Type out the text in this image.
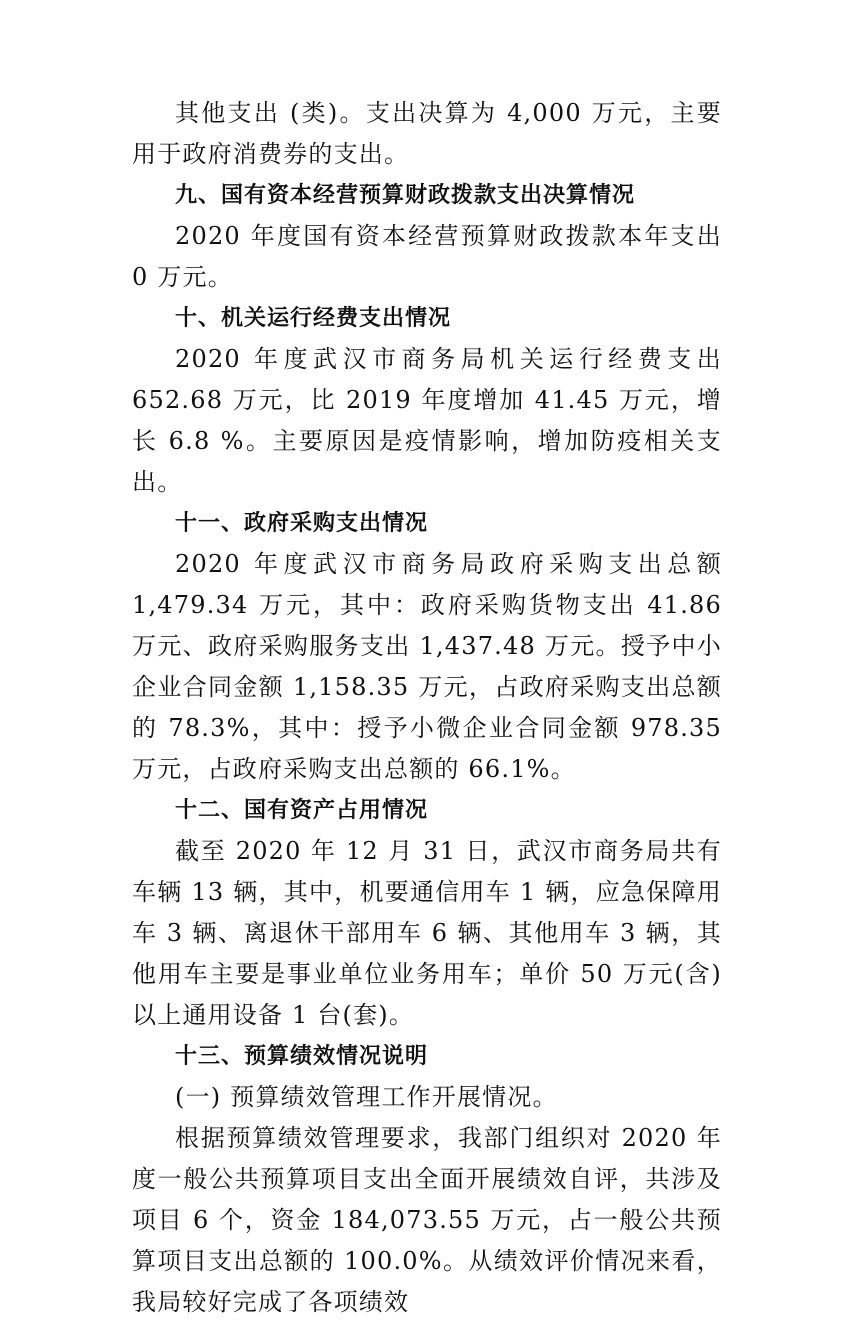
其他支出 (类)。支出决算为 4,000 万元，主要用于政府消费券的支出。

九、国有资本经营预算财政拨款支出决算情况

2020 年度国有资本经营预算财政拨款本年支出 0 万元。

十、机关运行经费支出情况

2020 年度武汉市商务局机关运行经费支出 652.68 万元，比 2019 年度增加 41.45 万元，增长 6.8 %。主要原因是疫情影响，增加防疫相关支出。

十一、政府采购支出情况

2020 年度武汉市商务局政府采购支出总额 1,479.34 万元，其中：政府采购货物支出 41.86 万元、政府采购服务支出 1,437.48 万元。授予中小企业合同金额 1,158.35 万元，占政府采购支出总额的 78.3%，其中：授予小微企业合同金额 978.35 万元，占政府采购支出总额的 66.1%。

十二、国有资产占用情况

截至 2020 年 12 月 31 日，武汉市商务局共有车辆 13 辆，其中，机要通信用车 1 辆，应急保障用车 3 辆、离退休干部用车 6 辆、其他用车 3 辆，其他用车主要是事业单位业务用车；单价 50 万元(含)以上通用设备 1 台(套)。

十三、预算绩效情况说明

(一) 预算绩效管理工作开展情况。

根据预算绩效管理要求，我部门组织对 2020 年度一般公共预算项目支出全面开展绩效自评，共涉及项目 6 个，资金 184,073.55 万元，占一般公共预算项目支出总额的 100.0%。从绩效评价情况来看，我局较好完成了各项绩效
